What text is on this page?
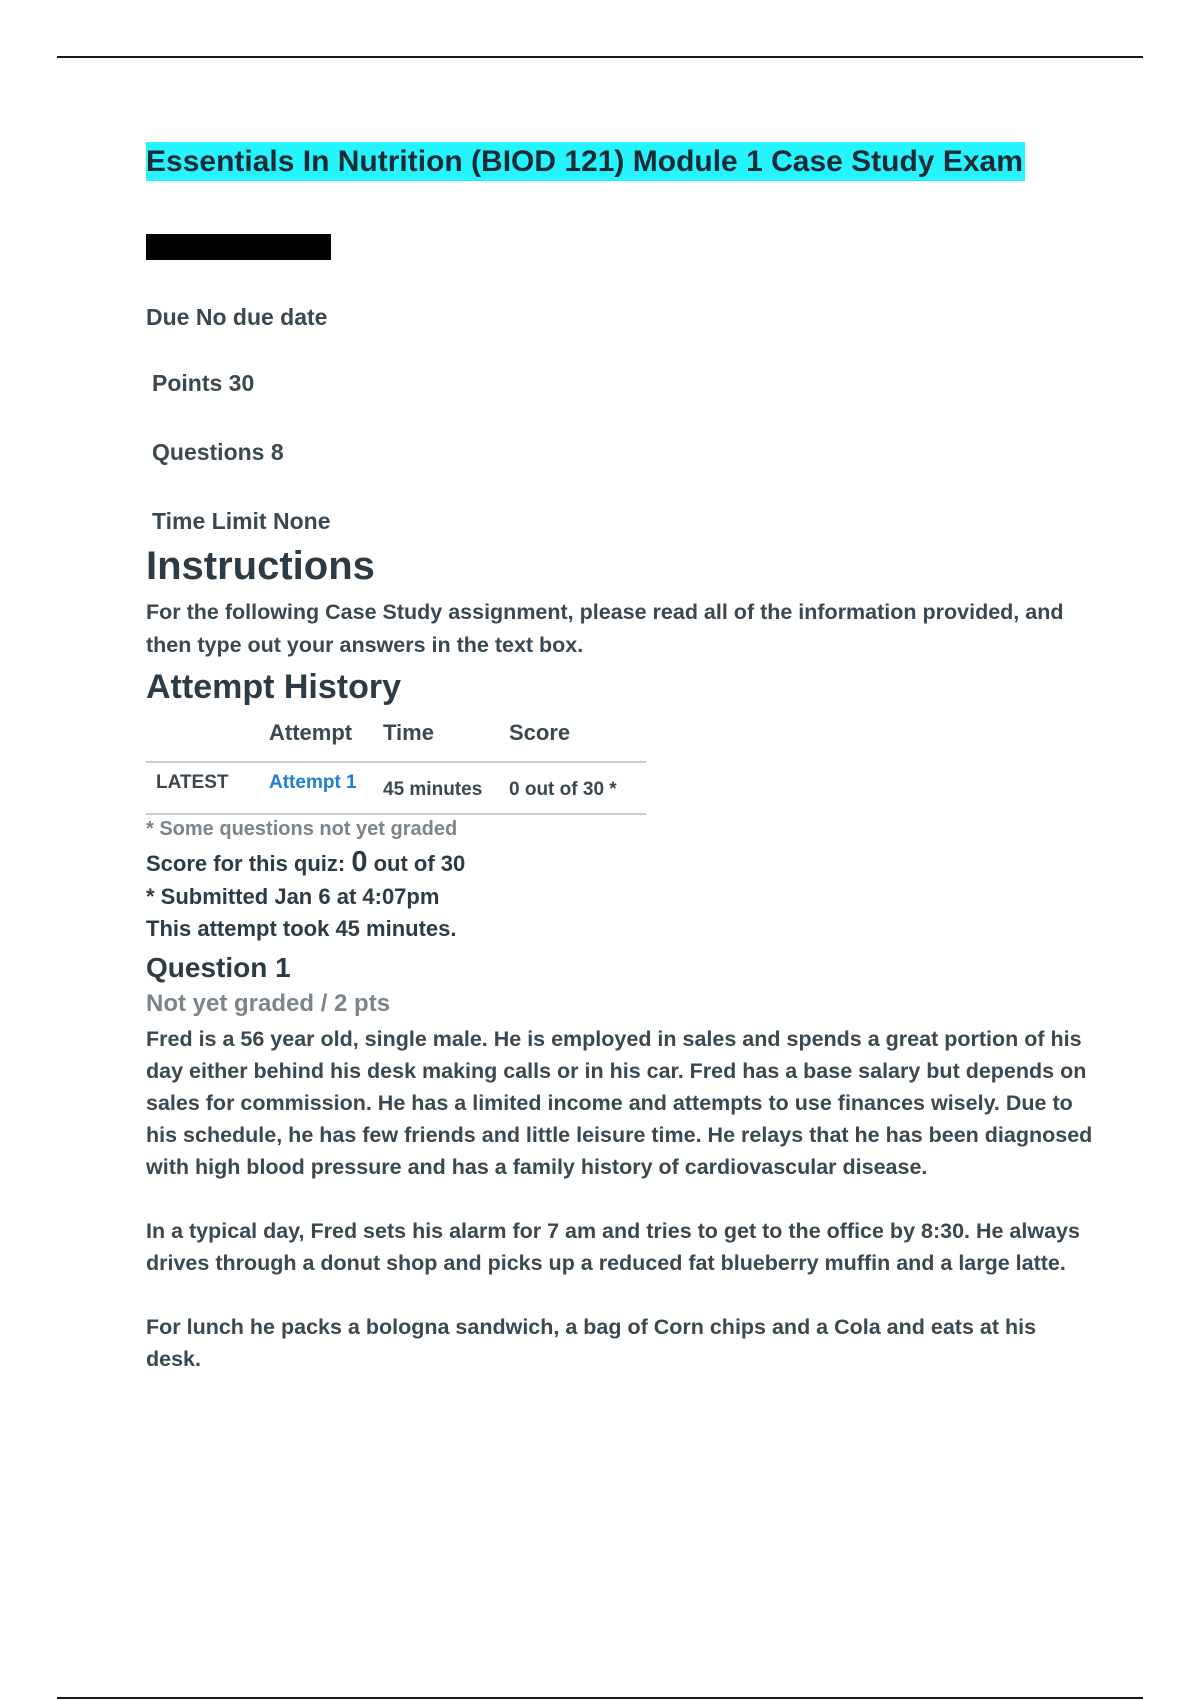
Essentials In Nutrition (BIOD 121) Module 1 Case Study Exam
Due No due date
Points 30
Questions 8
Time Limit None
Instructions
For the following Case Study assignment, please read all of the information provided, and then type out your answers in the text box.
Attempt History
	Attempt	Time	Score
LATEST	Attempt 1	45 minutes	0 out of 30 *
* Some questions not yet graded
Score for this quiz: 0 out of 30
* Submitted Jan 6 at 4:07pm
This attempt took 45 minutes.
Question 1
Not yet graded / 2 pts

Fred is a 56 year old, single male. He is employed in sales and spends a great portion of his day either behind his desk making calls or in his car. Fred has a base salary but depends on sales for commission. He has a limited income and attempts to use finances wisely. Due to his schedule, he has few friends and little leisure time. He relays that he has been diagnosed with high blood pressure and has a family history of cardiovascular disease.

In a typical day, Fred sets his alarm for 7 am and tries to get to the office by 8:30. He always drives through a donut shop and picks up a reduced fat blueberry muffin and a large latte.

For lunch he packs a bologna sandwich, a bag of Corn chips and a Cola and eats at his desk.
